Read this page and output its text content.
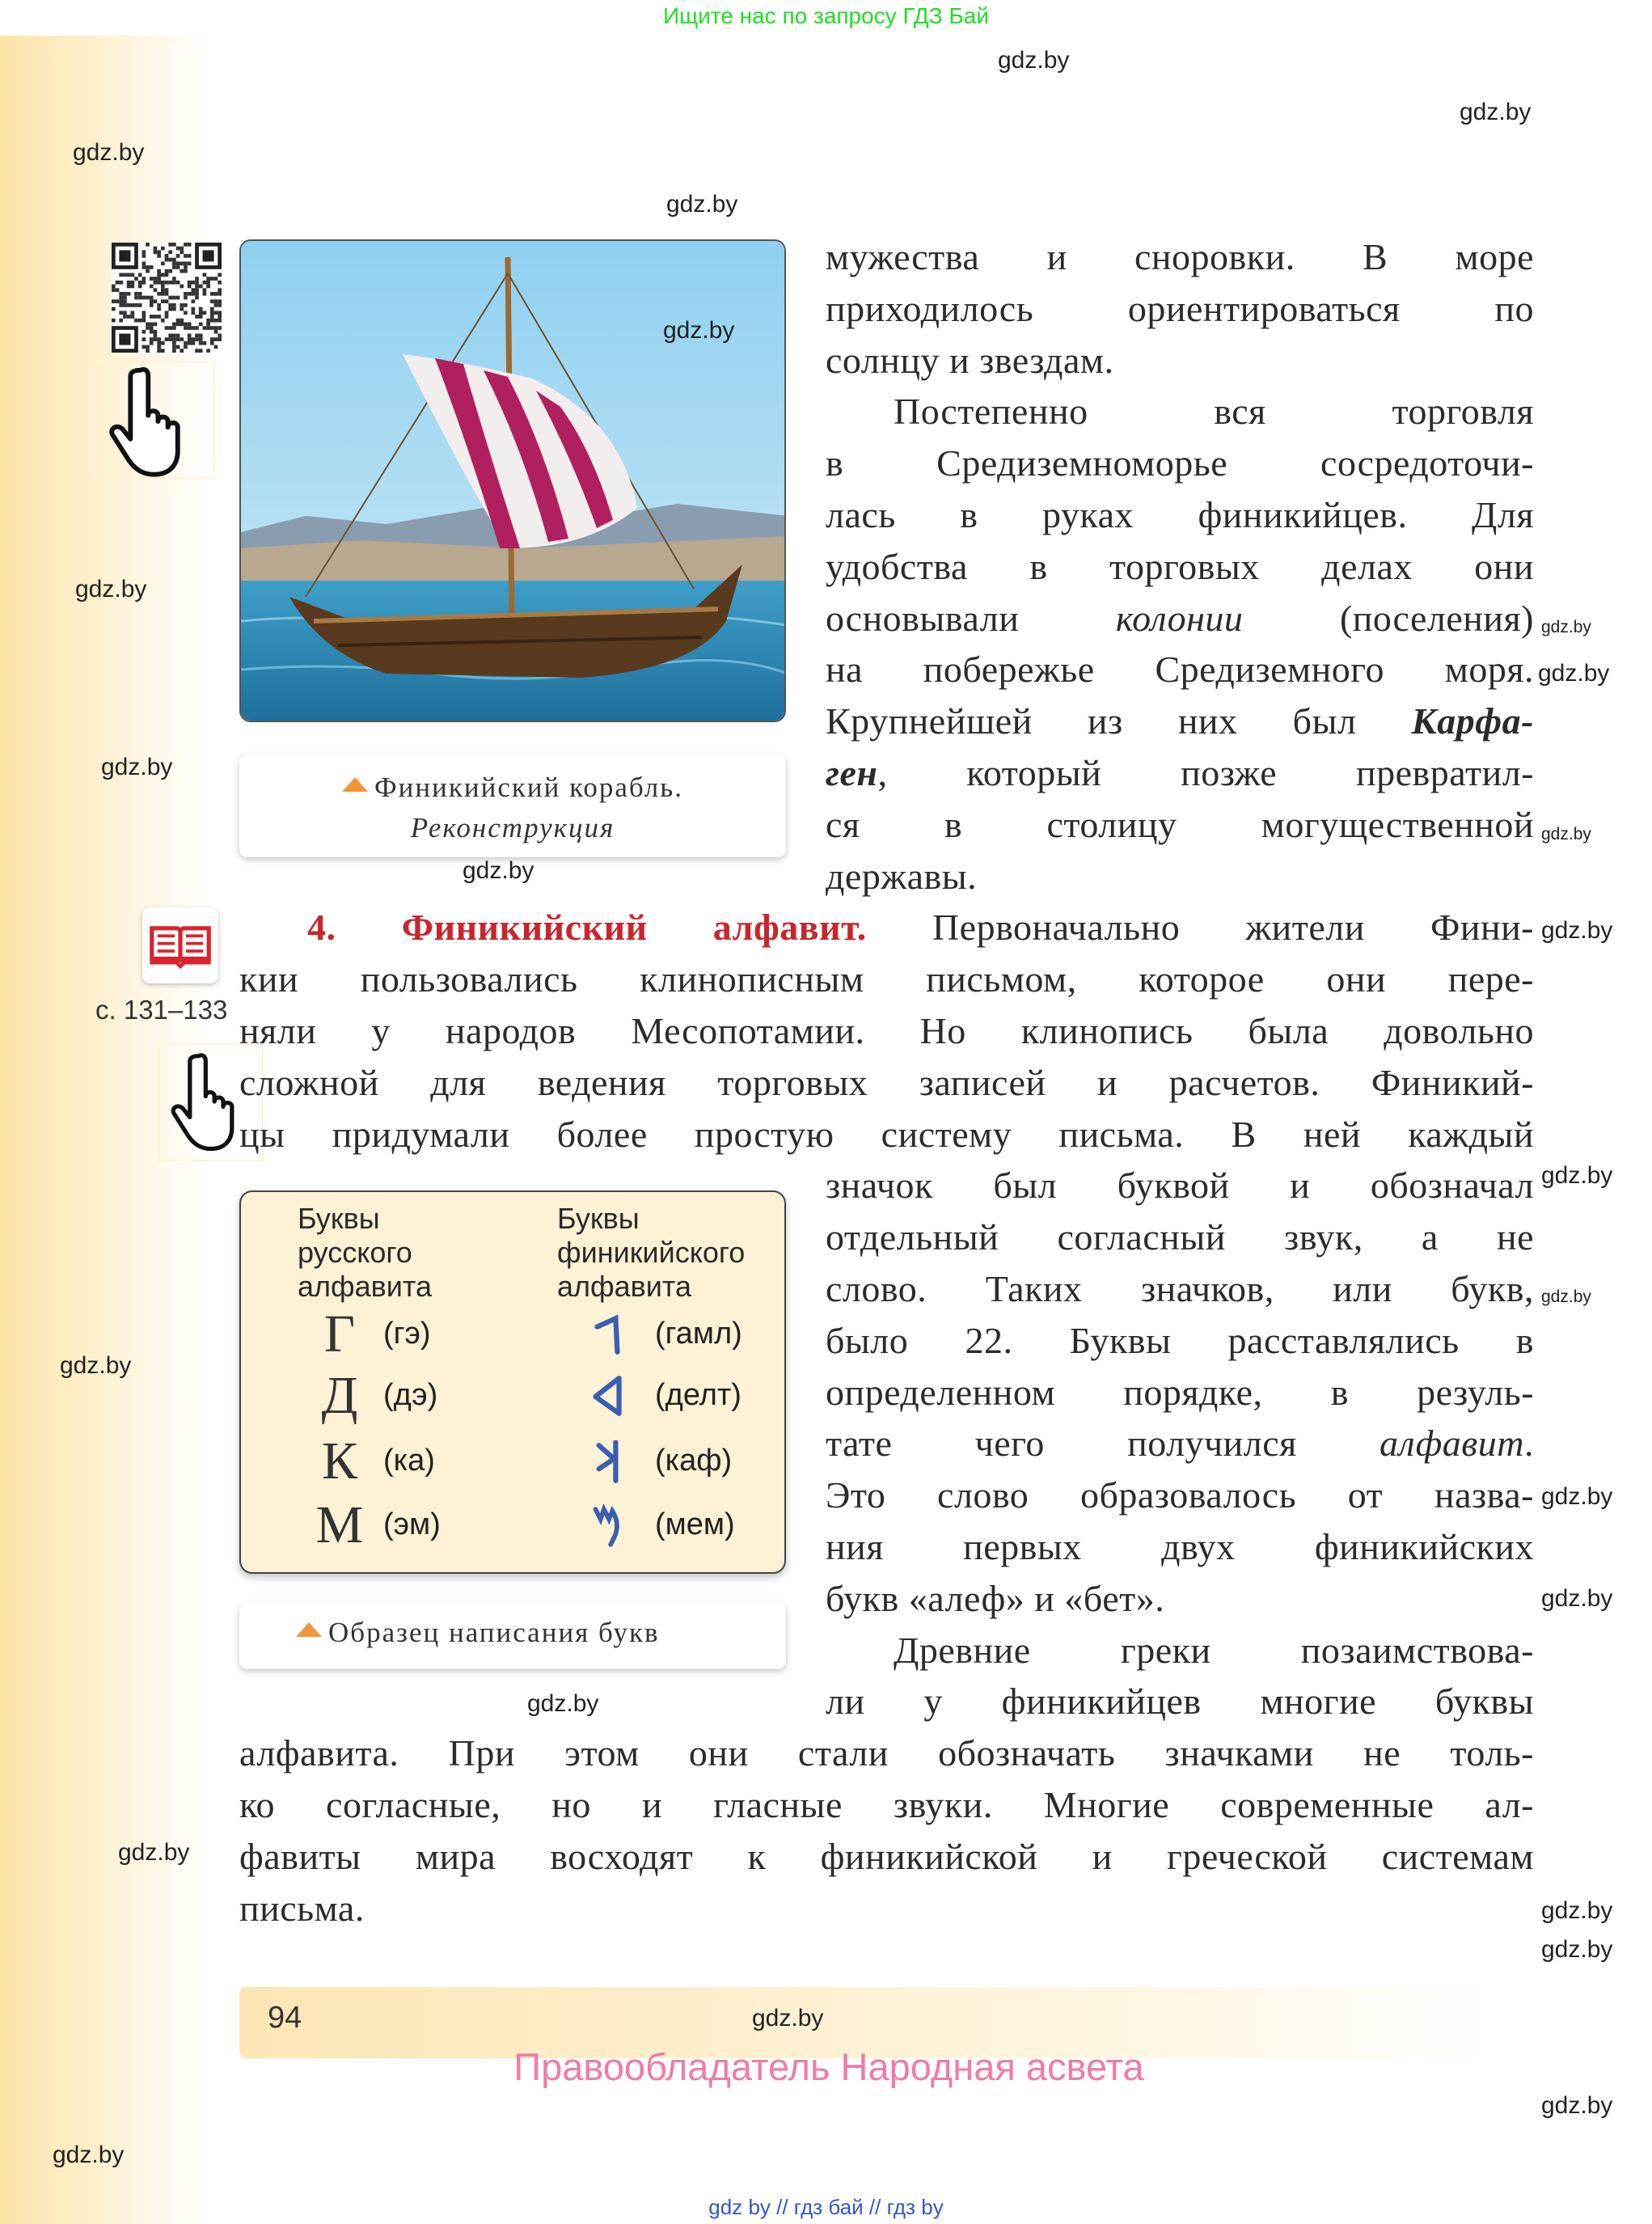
Ищите нас по запросу ГДЗ Бай
с. 131–133
Финикийский корабль.
Реконструкция
Буквы
русского
алфавита
Буквы
финикийского
алфавита
Г (гэ)	(гамл)
Д (дэ)	(делт)
К (ка)	(каф)
М (эм)	(мем)
Образец написания букв
мужества и сноровки. В море
приходилось ориентироваться по
солнцу и звездам.
Постепенно вся торговля
в Средиземноморье сосредоточи-
лась в руках финикийцев. Для
удобства в торговых делах они
основывали колонии (поселения)
на побережье Средиземного моря.
Крупнейшей из них был Карфа-
ген, который позже превратил-
ся в столицу могущественной
державы.
4. Финикийский алфавит. Первоначально жители Фини-
кии пользовались клинописным письмом, которое они пере-
няли у народов Месопотамии. Но клинопись была довольно
сложной для ведения торговых записей и расчетов. Финикий-
цы придумали более простую систему письма. В ней каждый
значок был буквой и обозначал
отдельный согласный звук, а не
слово. Таких значков, или букв,
было 22. Буквы расставлялись в
определенном порядке, в резуль-
тате чего получился алфавит.
Это слово образовалось от назва-
ния первых двух финикийских
букв «алеф» и «бет».
Древние греки позаимствова-
ли у финикийцев многие буквы
алфавита. При этом они стали обозначать значками не толь-
ко согласные, но и гласные звуки. Многие современные ал-
фавиты мира восходят к финикийской и греческой системам
письма.
94
Правообладатель Народная асвета
gdz by // гдз бай // гдз by
gdz.by
gdz.by
gdz.by
gdz.by
gdz.by
gdz.by
gdz.by
gdz.by
gdz.by
gdz.by
gdz.by
gdz.by
gdz.by
gdz.by
gdz.by
gdz.by
gdz.by
gdz.by
gdz.by
gdz.by
gdz.by
gdz.by
gdz.by
gdz.by
